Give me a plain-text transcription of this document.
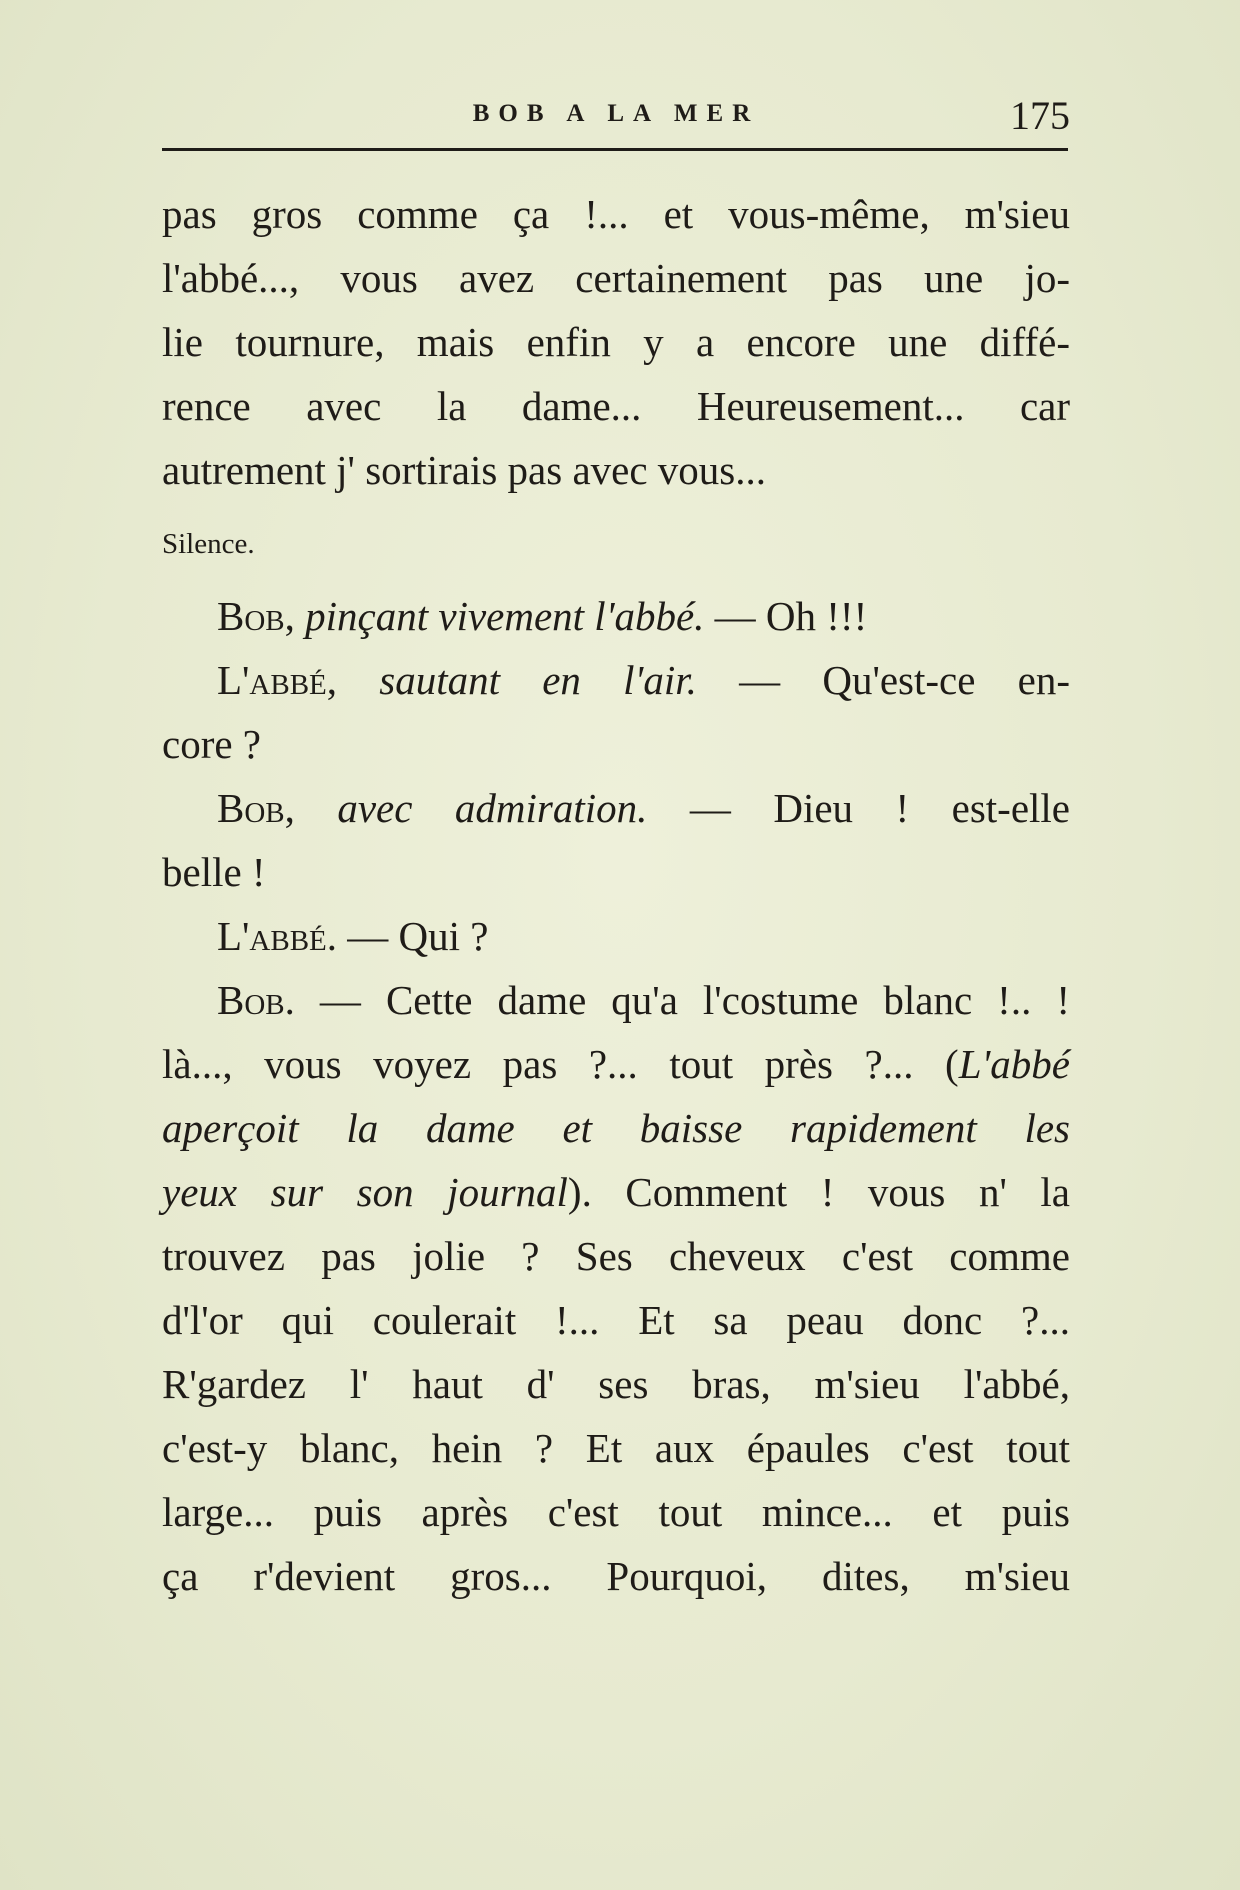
BOB A LA MER	175
pas gros comme ça !... et vous-même, m'sieu
l'abbé..., vous avez certainement pas une jo-
lie tournure, mais enfin y a encore une diffé-
rence avec la dame... Heureusement... car
autrement j' sortirais pas avec vous...
Silence.
Bob, pinçant vivement l'abbé. — Oh !!!
L'abbé, sautant en l'air. — Qu'est-ce en-
core ?
Bob, avec admiration. — Dieu ! est-elle
belle !
L'abbé. — Qui ?
Bob. — Cette dame qu'a l'costume blanc !.. !
là..., vous voyez pas ?... tout près ?... (L'abbé
aperçoit la dame et baisse rapidement les
yeux sur son journal). Comment ! vous n' la
trouvez pas jolie ? Ses cheveux c'est comme
d'l'or qui coulerait !... Et sa peau donc ?...
R'gardez l' haut d' ses bras, m'sieu l'abbé,
c'est-y blanc, hein ? Et aux épaules c'est tout
large... puis après c'est tout mince... et puis
ça r'devient gros... Pourquoi, dites, m'sieu
